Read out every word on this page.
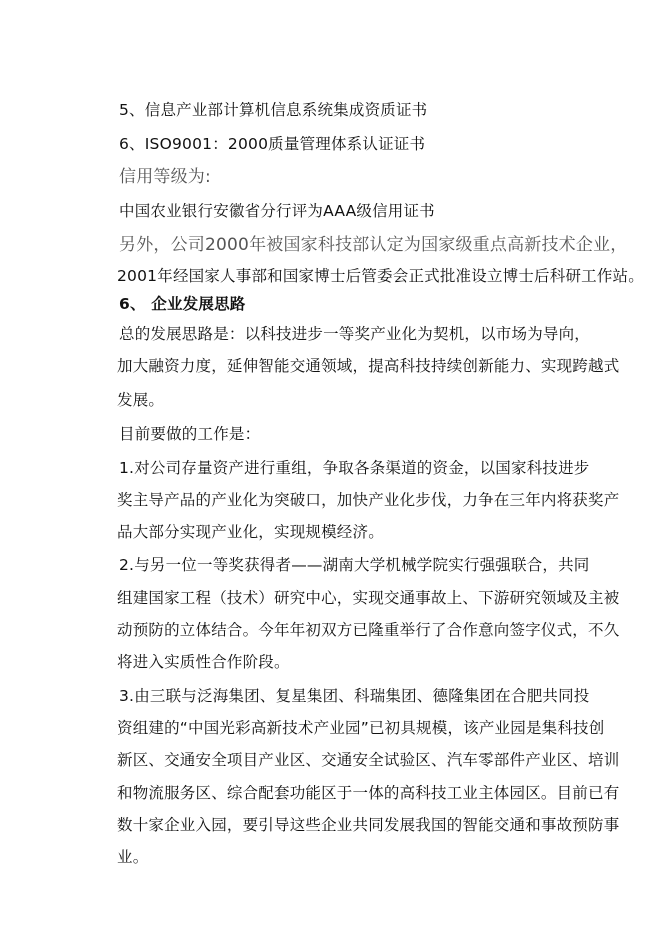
5、信息产业部计算机信息系统集成资质证书
6、ISO9001：2000质量管理体系认证证书
信用等级为:
中国农业银行安徽省分行评为AAA级信用证书
另外，公司2000年被国家科技部认定为国家级重点高新技术企业，
2001年经国家人事部和国家博士后管委会正式批准设立博士后科研工作站。
6、 企业发展思路
总的发展思路是：以科技进步一等奖产业化为契机，以市场为导向，
加大融资力度，延伸智能交通领域，提高科技持续创新能力、实现跨越式
发展。
目前要做的工作是：
1.对公司存量资产进行重组，争取各条渠道的资金，以国家科技进步
奖主导产品的产业化为突破口，加快产业化步伐，力争在三年内将获奖产
品大部分实现产业化，实现规模经济。
2.与另一位一等奖获得者——湖南大学机械学院实行强强联合，共同
组建国家工程（技术）研究中心，实现交通事故上、下游研究领域及主被
动预防的立体结合。今年年初双方已隆重举行了合作意向签字仪式，不久
将进入实质性合作阶段。
3.由三联与泛海集团、复星集团、科瑞集团、德隆集团在合肥共同投
资组建的“中国光彩高新技术产业园”已初具规模，该产业园是集科技创
新区、交通安全项目产业区、交通安全试验区、汽车零部件产业区、培训
和物流服务区、综合配套功能区于一体的高科技工业主体园区。目前已有
数十家企业入园，要引导这些企业共同发展我国的智能交通和事故预防事
业。
